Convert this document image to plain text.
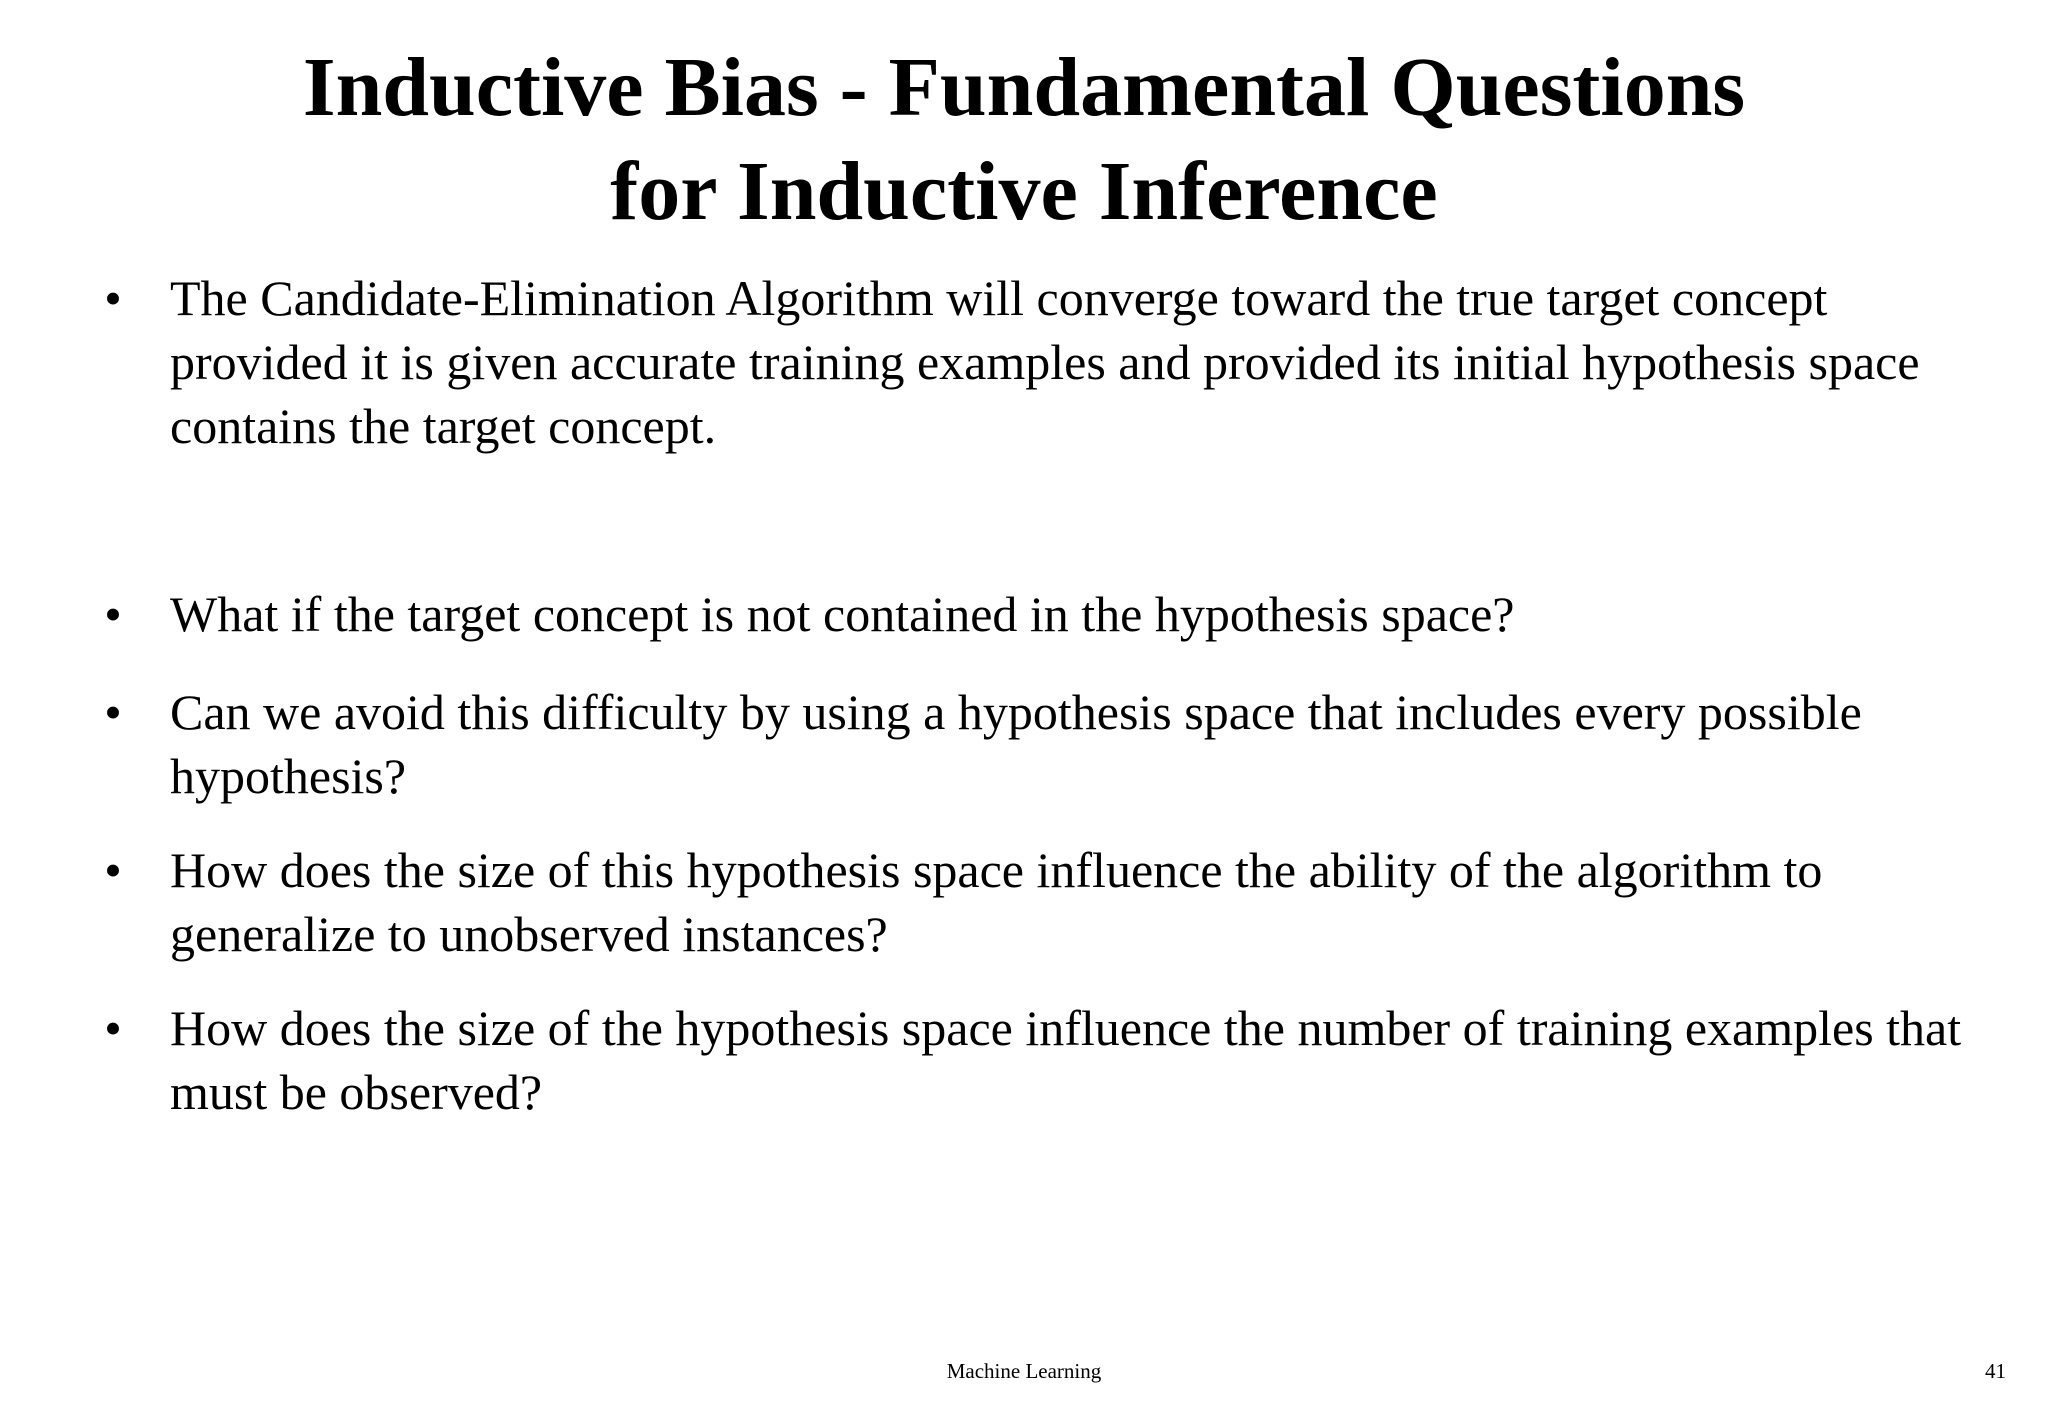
Inductive Bias - Fundamental Questions
for Inductive Inference
• The Candidate-Elimination Algorithm will converge toward the true target concept provided it is given accurate training examples and provided its initial hypothesis space contains the target concept.
• What if the target concept is not contained in the hypothesis space?
• Can we avoid this difficulty by using a hypothesis space that includes every possible hypothesis?
• How does the size of this hypothesis space influence the ability of the algorithm to generalize to unobserved instances?
• How does the size of the hypothesis space influence the number of training examples that must be observed?
Machine Learning	41
